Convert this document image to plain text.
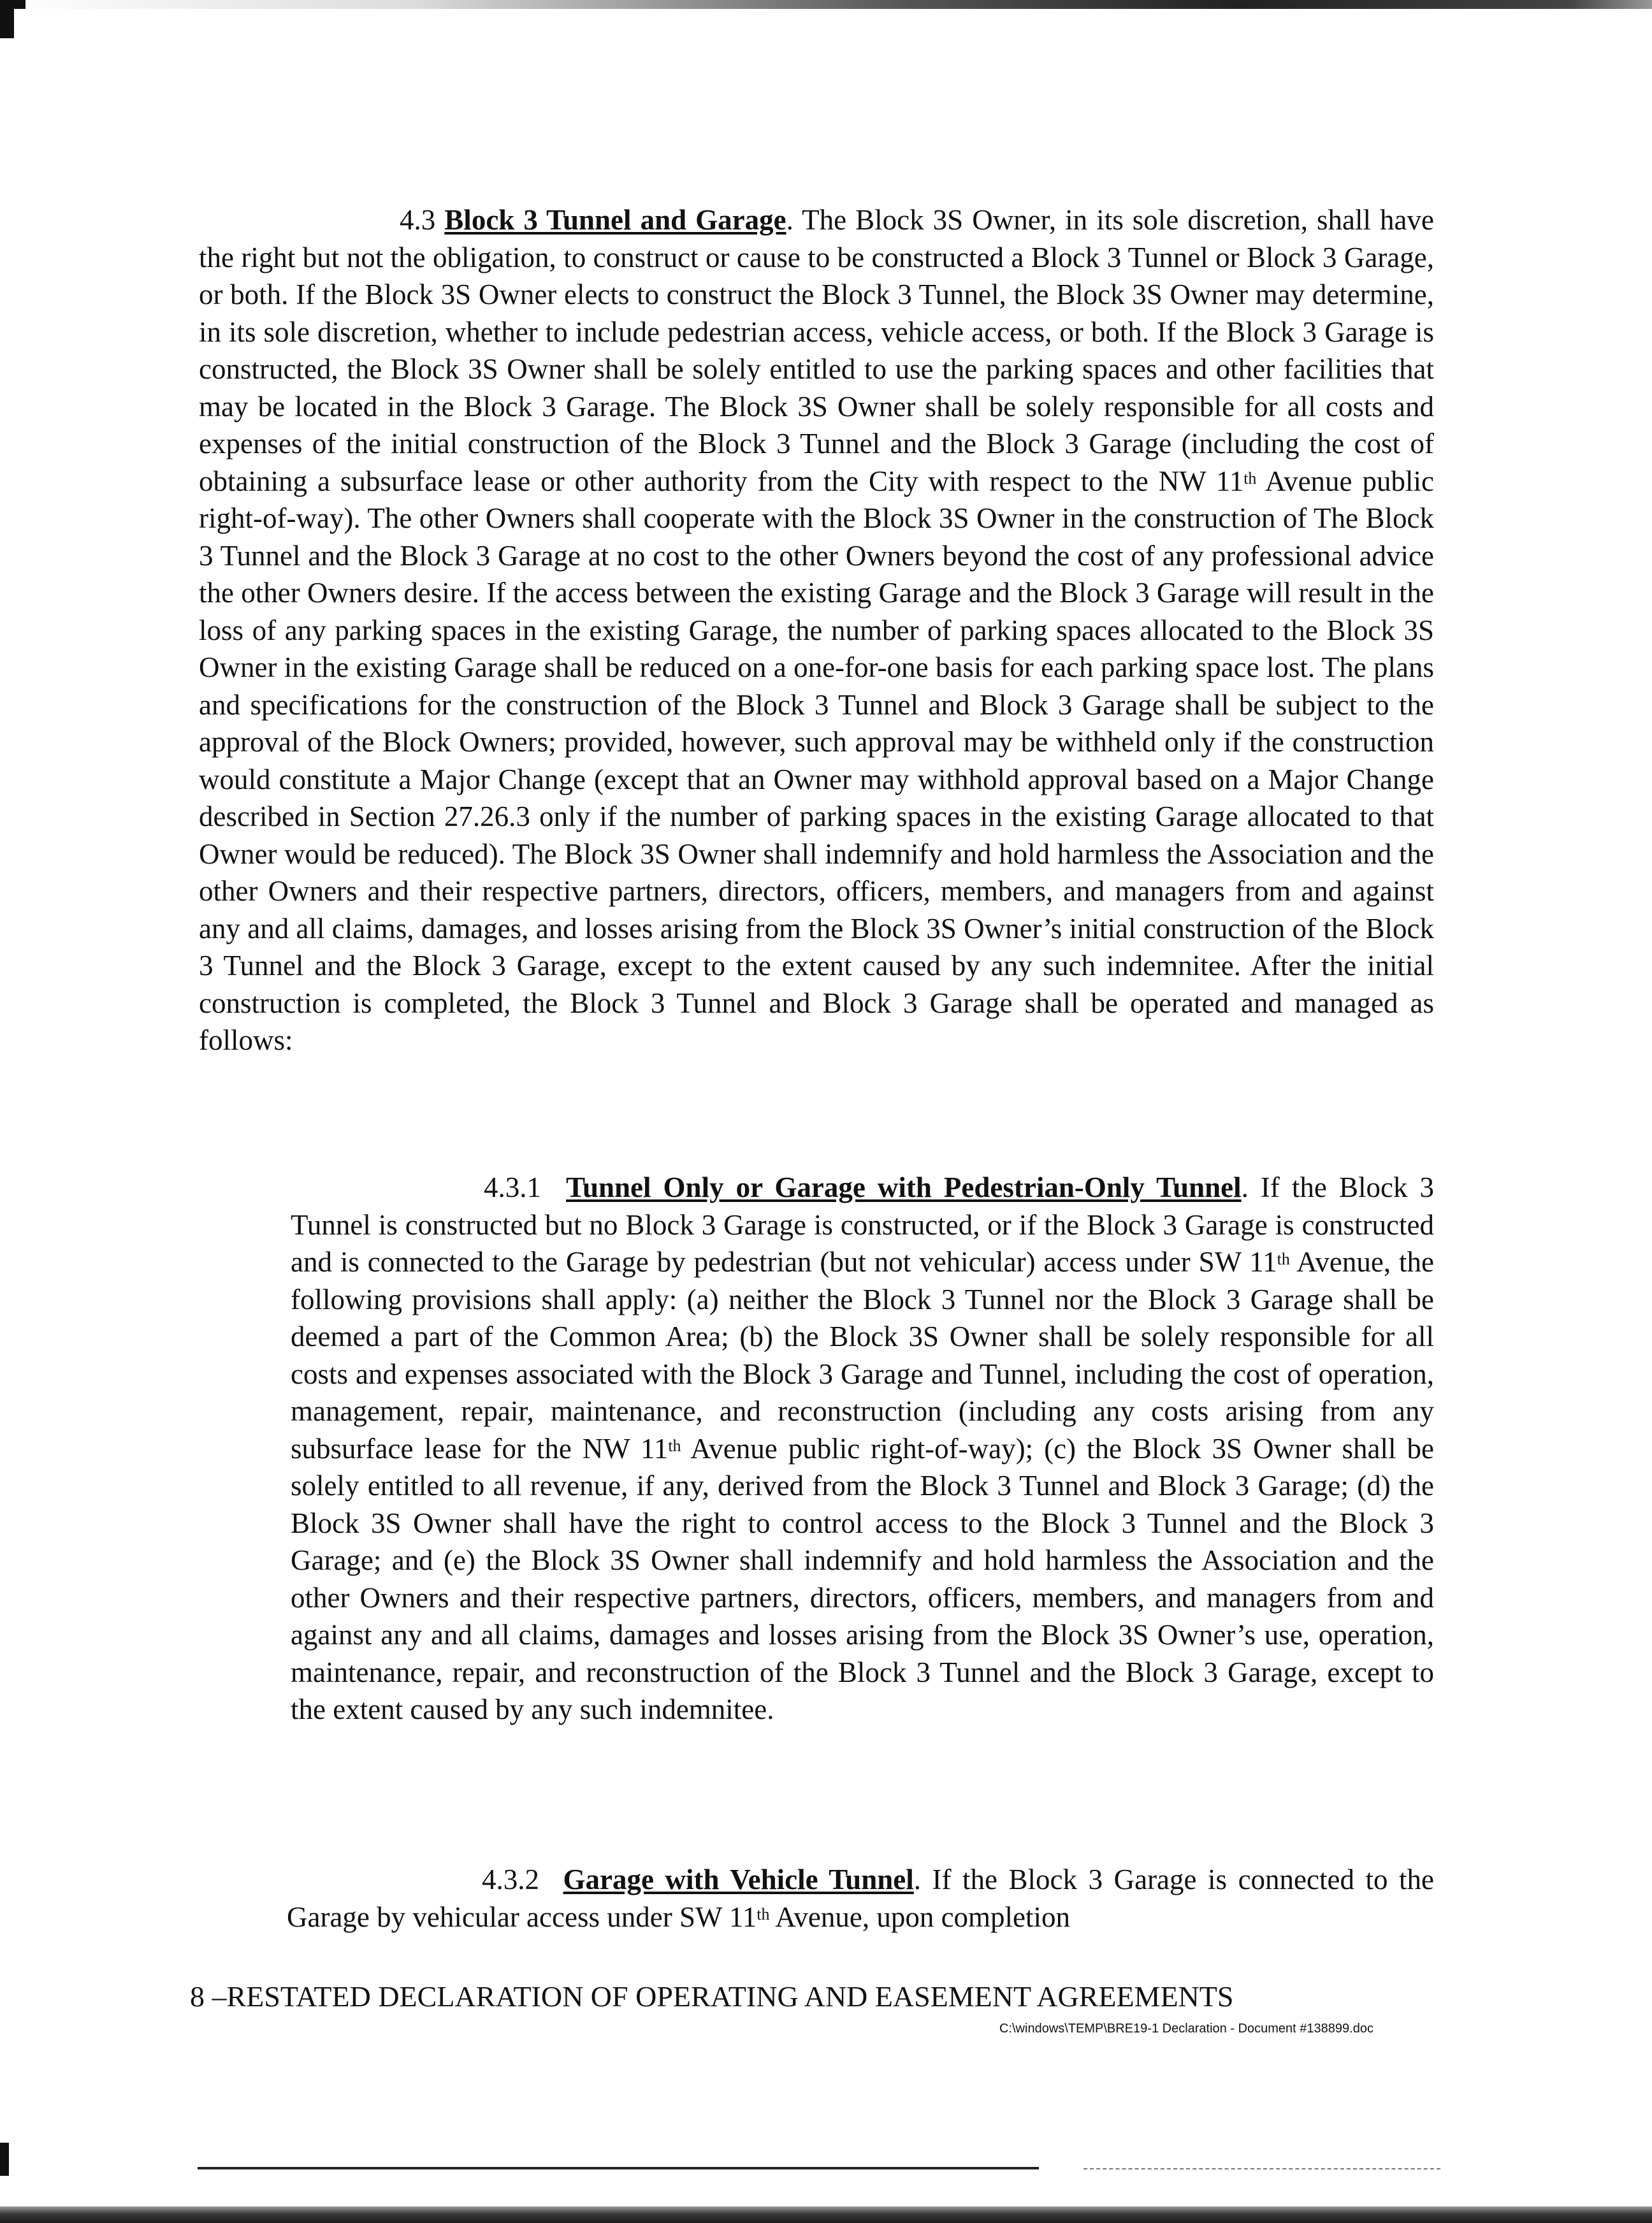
4.3 Block 3 Tunnel and Garage. The Block 3S Owner, in its sole discretion, shall have the right but not the obligation, to construct or cause to be constructed a Block 3 Tunnel or Block 3 Garage, or both. If the Block 3S Owner elects to construct the Block 3 Tunnel, the Block 3S Owner may determine, in its sole discretion, whether to include pedestrian access, vehicle access, or both. If the Block 3 Garage is constructed, the Block 3S Owner shall be solely entitled to use the parking spaces and other facilities that may be located in the Block 3 Garage. The Block 3S Owner shall be solely responsible for all costs and expenses of the initial construction of the Block 3 Tunnel and the Block 3 Garage (including the cost of obtaining a subsurface lease or other authority from the City with respect to the NW 11th Avenue public right-of-way). The other Owners shall cooperate with the Block 3S Owner in the construction of The Block 3 Tunnel and the Block 3 Garage at no cost to the other Owners beyond the cost of any professional advice the other Owners desire. If the access between the existing Garage and the Block 3 Garage will result in the loss of any parking spaces in the existing Garage, the number of parking spaces allocated to the Block 3S Owner in the existing Garage shall be reduced on a one-for-one basis for each parking space lost. The plans and specifications for the construction of the Block 3 Tunnel and Block 3 Garage shall be subject to the approval of the Block Owners; provided, however, such approval may be withheld only if the construction would constitute a Major Change (except that an Owner may withhold approval based on a Major Change described in Section 27.26.3 only if the number of parking spaces in the existing Garage allocated to that Owner would be reduced). The Block 3S Owner shall indemnify and hold harmless the Association and the other Owners and their respective partners, directors, officers, members, and managers from and against any and all claims, damages, and losses arising from the Block 3S Owner’s initial construction of the Block 3 Tunnel and the Block 3 Garage, except to the extent caused by any such indemnitee. After the initial construction is completed, the Block 3 Tunnel and Block 3 Garage shall be operated and managed as follows:
4.3.1 Tunnel Only or Garage with Pedestrian-Only Tunnel. If the Block 3 Tunnel is constructed but no Block 3 Garage is constructed, or if the Block 3 Garage is constructed and is connected to the Garage by pedestrian (but not vehicular) access under SW 11th Avenue, the following provisions shall apply: (a) neither the Block 3 Tunnel nor the Block 3 Garage shall be deemed a part of the Common Area; (b) the Block 3S Owner shall be solely responsible for all costs and expenses associated with the Block 3 Garage and Tunnel, including the cost of operation, management, repair, maintenance, and reconstruction (including any costs arising from any subsurface lease for the NW 11th Avenue public right-of-way); (c) the Block 3S Owner shall be solely entitled to all revenue, if any, derived from the Block 3 Tunnel and Block 3 Garage; (d) the Block 3S Owner shall have the right to control access to the Block 3 Tunnel and the Block 3 Garage; and (e) the Block 3S Owner shall indemnify and hold harmless the Association and the other Owners and their respective partners, directors, officers, members, and managers from and against any and all claims, damages and losses arising from the Block 3S Owner’s use, operation, maintenance, repair, and reconstruction of the Block 3 Tunnel and the Block 3 Garage, except to the extent caused by any such indemnitee.
4.3.2 Garage with Vehicle Tunnel. If the Block 3 Garage is connected to the Garage by vehicular access under SW 11th Avenue, upon completion
8 –RESTATED DECLARATION OF OPERATING AND EASEMENT AGREEMENTS
C:\windows\TEMP\BRE19-1 Declaration - Document #138899.doc
